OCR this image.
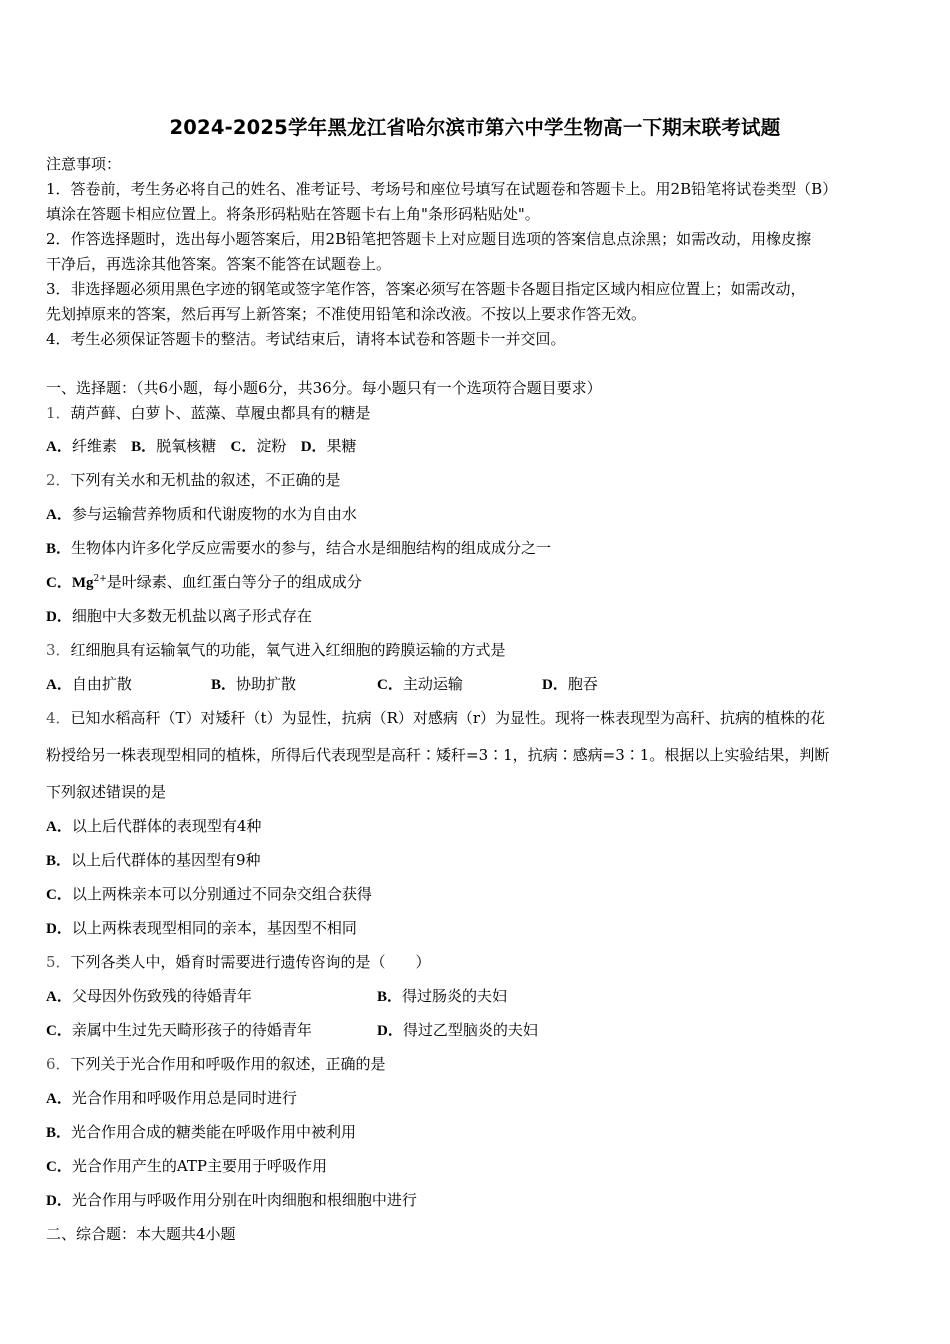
2024-2025学年黑龙江省哈尔滨市第六中学生物高一下期末联考试题
注意事项：
1．答卷前，考生务必将自己的姓名、准考证号、考场号和座位号填写在试题卷和答题卡上。用2B铅笔将试卷类型（B）
填涂在答题卡相应位置上。将条形码粘贴在答题卡右上角"条形码粘贴处"。
2．作答选择题时，选出每小题答案后，用2B铅笔把答题卡上对应题目选项的答案信息点涂黑；如需改动，用橡皮擦
干净后，再选涂其他答案。答案不能答在试题卷上。
3．非选择题必须用黑色字迹的钢笔或签字笔作答，答案必须写在答题卡各题目指定区域内相应位置上；如需改动，
先划掉原来的答案，然后再写上新答案；不准使用铅笔和涂改液。不按以上要求作答无效。
4．考生必须保证答题卡的整洁。考试结束后，请将本试卷和答题卡一并交回。
一、选择题：（共6小题，每小题6分，共36分。每小题只有一个选项符合题目要求）
1．葫芦藓、白萝卜、蓝藻、草履虫都具有的糖是
A．纤维素 B．脱氧核糖 C．淀粉 D．果糖
2．下列有关水和无机盐的叙述，不正确的是
A．参与运输营养物质和代谢废物的水为自由水
B．生物体内许多化学反应需要水的参与，结合水是细胞结构的组成成分之一
C．$Mg^{2+}$是叶绿素、血红蛋白等分子的组成成分
D．细胞中大多数无机盐以离子形式存在
3．红细胞具有运输氧气的功能，氧气进入红细胞的跨膜运输的方式是
A．自由扩散	B．协助扩散	C．主动运输	D．胞吞
4．已知水稻高秆（T）对矮秆（t）为显性，抗病（R）对感病（r）为显性。现将一株表现型为高秆、抗病的植株的花
粉授给另一株表现型相同的植株，所得后代表现型是高秆∶矮秆=3∶1，抗病∶感病=3∶1。根据以上实验结果，判断
下列叙述错误的是
A．以上后代群体的表现型有4种
B．以上后代群体的基因型有9种
C．以上两株亲本可以分别通过不同杂交组合获得
D．以上两株表现型相同的亲本，基因型不相同
5．下列各类人中，婚育时需要进行遗传咨询的是（　　）
A．父母因外伤致残的待婚青年	B．得过肠炎的夫妇
C．亲属中生过先天畸形孩子的待婚青年	D．得过乙型脑炎的夫妇
6．下列关于光合作用和呼吸作用的叙述，正确的是
A．光合作用和呼吸作用总是同时进行
B．光合作用合成的糖类能在呼吸作用中被利用
C．光合作用产生的ATP主要用于呼吸作用
D．光合作用与呼吸作用分别在叶肉细胞和根细胞中进行
二、综合题：本大题共4小题
